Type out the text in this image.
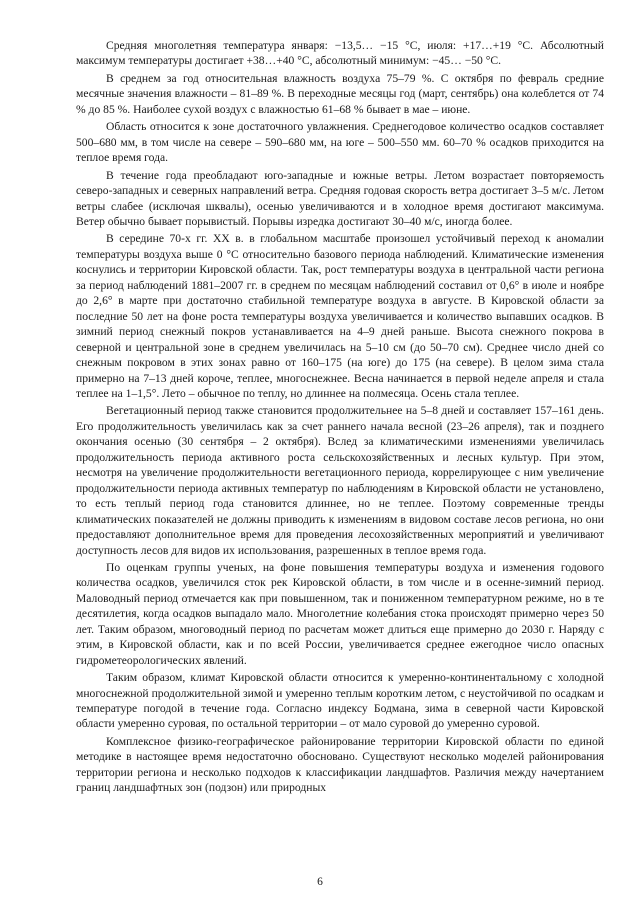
Средняя многолетняя температура января: −13,5… −15 °С, июля: +17…+19 °С. Абсолютный максимум температуры достигает +38…+40 °С, абсолютный минимум: −45… −50 °С.

В среднем за год относительная влажность воздуха 75–79 %. С октября по февраль средние месячные значения влажности – 81–89 %. В переходные месяцы год (март, сентябрь) она колеблется от 74 % до 85 %. Наиболее сухой воздух с влажностью 61–68 % бывает в мае – июне.

Область относится к зоне достаточного увлажнения. Среднегодовое количество осадков составляет 500–680 мм, в том числе на севере – 590–680 мм, на юге – 500–550 мм. 60–70 % осадков приходится на теплое время года.

В течение года преобладают юго-западные и южные ветры. Летом возрастает повторяемость северо-западных и северных направлений ветра. Средняя годовая скорость ветра достигает 3–5 м/с. Летом ветры слабее (исключая шквалы), осенью увеличиваются и в холодное время достигают максимума. Ветер обычно бывает порывистый. Порывы изредка достигают 30–40 м/с, иногда более.

В середине 70-х гг. XX в. в глобальном масштабе произошел устойчивый переход к аномалии температуры воздуха выше 0 °С относительно базового периода наблюдений. Климатические изменения коснулись и территории Кировской области. Так, рост температуры воздуха в центральной части региона за период наблюдений 1881–2007 гг. в среднем по месяцам наблюдений составил от 0,6° в июле и ноябре до 2,6° в марте при достаточно стабильной температуре воздуха в августе. В Кировской области за последние 50 лет на фоне роста температуры воздуха увеличивается и количество выпавших осадков. В зимний период снежный покров устанавливается на 4–9 дней раньше. Высота снежного покрова в северной и центральной зоне в среднем увеличилась на 5–10 см (до 50–70 см). Среднее число дней со снежным покровом в этих зонах равно от 160–175 (на юге) до 175 (на севере). В целом зима стала примерно на 7–13 дней короче, теплее, многоснежнее. Весна начинается в первой неделе апреля и стала теплее на 1–1,5°. Лето – обычное по теплу, но длиннее на полмесяца. Осень стала теплее.

Вегетационный период также становится продолжительнее на 5–8 дней и составляет 157–161 день. Его продолжительность увеличилась как за счет раннего начала весной (23–26 апреля), так и позднего окончания осенью (30 сентября – 2 октября). Вслед за климатическими изменениями увеличилась продолжительность периода активного роста сельскохозяйственных и лесных культур. При этом, несмотря на увеличение продолжительности вегетационного периода, коррелирующее с ним увеличение продолжительности периода активных температур по наблюдениям в Кировской области не установлено, то есть теплый период года становится длиннее, но не теплее. Поэтому современные тренды климатических показателей не должны приводить к изменениям в видовом составе лесов региона, но они предоставляют дополнительное время для проведения лесохозяйственных мероприятий и увеличивают доступность лесов для видов их использования, разрешенных в теплое время года.

По оценкам группы ученых, на фоне повышения температуры воздуха и изменения годового количества осадков, увеличился сток рек Кировской области, в том числе и в осенне-зимний период. Маловодный период отмечается как при повышенном, так и пониженном температурном режиме, но в те десятилетия, когда осадков выпадало мало. Многолетние колебания стока происходят примерно через 50 лет. Таким образом, многоводный период по расчетам может длиться еще примерно до 2030 г. Наряду с этим, в Кировской области, как и по всей России, увеличивается среднее ежегодное число опасных гидрометеорологических явлений.

Таким образом, климат Кировской области относится к умеренно-континентальному с холодной многоснежной продолжительной зимой и умеренно теплым коротким летом, с неустойчивой по осадкам и температуре погодой в течение года. Согласно индексу Бодмана, зима в северной части Кировской области умеренно суровая, по остальной территории – от мало суровой до умеренно суровой.

Комплексное физико-географическое районирование территории Кировской области по единой методике в настоящее время недостаточно обосновано. Существуют несколько моделей районирования территории региона и несколько подходов к классификации ландшафтов. Различия между начертанием границ ландшафтных зон (подзон) или природных

6
